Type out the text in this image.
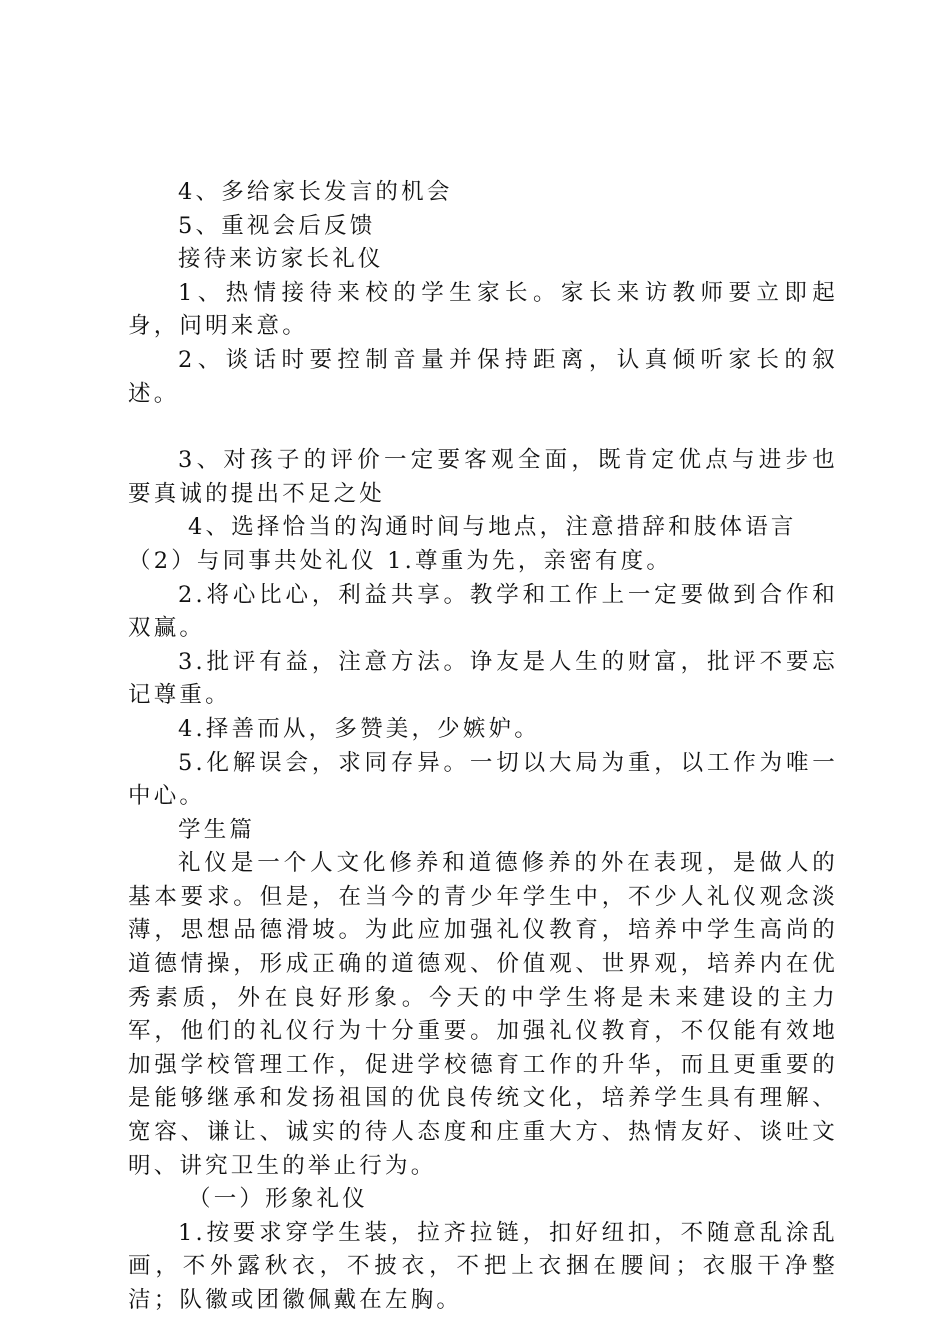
4、多给家长发言的机会

5、重视会后反馈

接待来访家长礼仪

1、热情接待来校的学生家长。家长来访教师要立即起身，问明来意。

2、谈话时要控制音量并保持距离，认真倾听家长的叙述。

3、对孩子的评价一定要客观全面，既肯定优点与进步也要真诚的提出不足之处

4、选择恰当的沟通时间与地点，注意措辞和肢体语言

（2）与同事共处礼仪 1.尊重为先，亲密有度。

2.将心比心，利益共享。教学和工作上一定要做到合作和双赢。

3.批评有益，注意方法。诤友是人生的财富，批评不要忘记尊重。

4.择善而从，多赞美，少嫉妒。

5.化解误会，求同存异。一切以大局为重，以工作为唯一中心。

学生篇

礼仪是一个人文化修养和道德修养的外在表现，是做人的基本要求。但是，在当今的青少年学生中，不少人礼仪观念淡薄，思想品德滑坡。为此应加强礼仪教育，培养中学生高尚的道德情操，形成正确的道德观、价值观、世界观，培养内在优秀素质，外在良好形象。今天的中学生将是未来建设的主力军，他们的礼仪行为十分重要。加强礼仪教育，不仅能有效地加强学校管理工作，促进学校德育工作的升华，而且更重要的是能够继承和发扬祖国的优良传统文化，培养学生具有理解、宽容、谦让、诚实的待人态度和庄重大方、热情友好、谈吐文明、讲究卫生的举止行为。

（一）形象礼仪

1.按要求穿学生装，拉齐拉链，扣好纽扣，不随意乱涂乱画，不外露秋衣，不披衣，不把上衣捆在腰间；衣服干净整洁；队徽或团徽佩戴在左胸。
